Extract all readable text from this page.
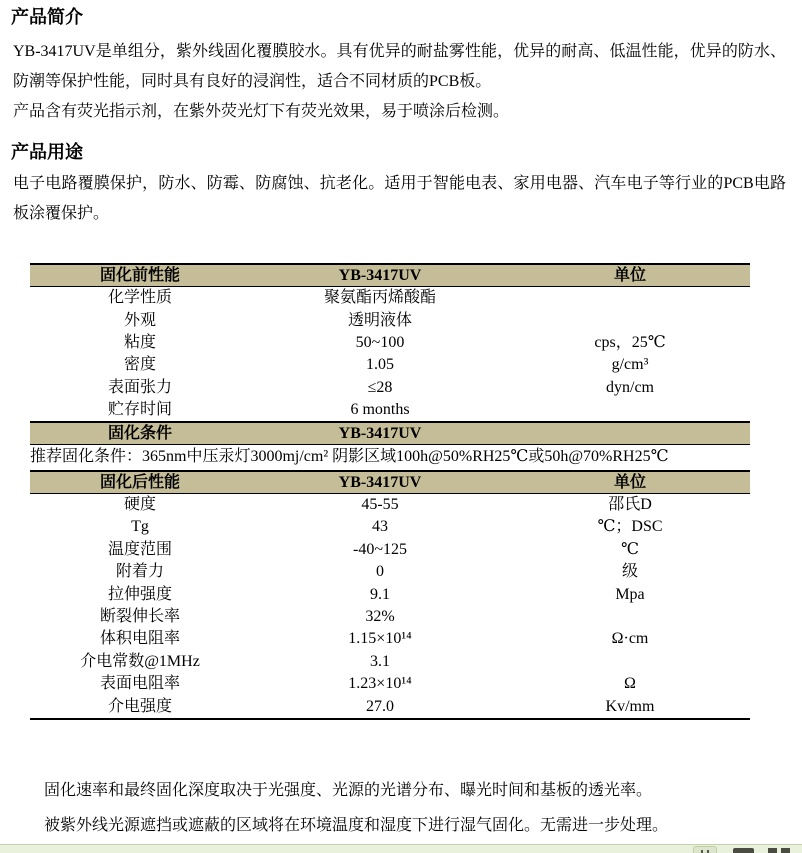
产品简介

YB-3417UV是单组分，紫外线固化覆膜胶水。具有优异的耐盐雾性能，优异的耐高、低温性能，优异的防水、防潮等保护性能，同时具有良好的浸润性，适合不同材质的PCB板。

产品含有荧光指示剂，在紫外荧光灯下有荧光效果，易于喷涂后检测。

产品用途

电子电路覆膜保护，防水、防霉、防腐蚀、抗老化。适用于智能电表、家用电器、汽车电子等行业的PCB电路板涂覆保护。

固化前性能	YB-3417UV	单位
化学性质	聚氨酯丙烯酸酯
外观	透明液体
粘度	50~100	cps，25℃
密度	1.05	g/cm³
表面张力	≤28	dyn/cm
贮存时间	6 months
固化条件	YB-3417UV
推荐固化条件：365nm中压汞灯3000mj/cm² 阴影区域100h@50%RH25℃或50h@70%RH25℃
固化后性能	YB-3417UV	单位
硬度	45-55	邵氏D
Tg	43	℃；DSC
温度范围	-40~125	℃
附着力	0	级
拉伸强度	9.1	Mpa
断裂伸长率	32%
体积电阻率	1.15×10¹⁴	Ω·cm
介电常数@1MHz	3.1
表面电阻率	1.23×10¹⁴	Ω
介电强度	27.0	Kv/mm

固化速率和最终固化深度取决于光强度、光源的光谱分布、曝光时间和基板的透光率。

被紫外线光源遮挡或遮蔽的区域将在环境温度和湿度下进行湿气固化。无需进一步处理。
